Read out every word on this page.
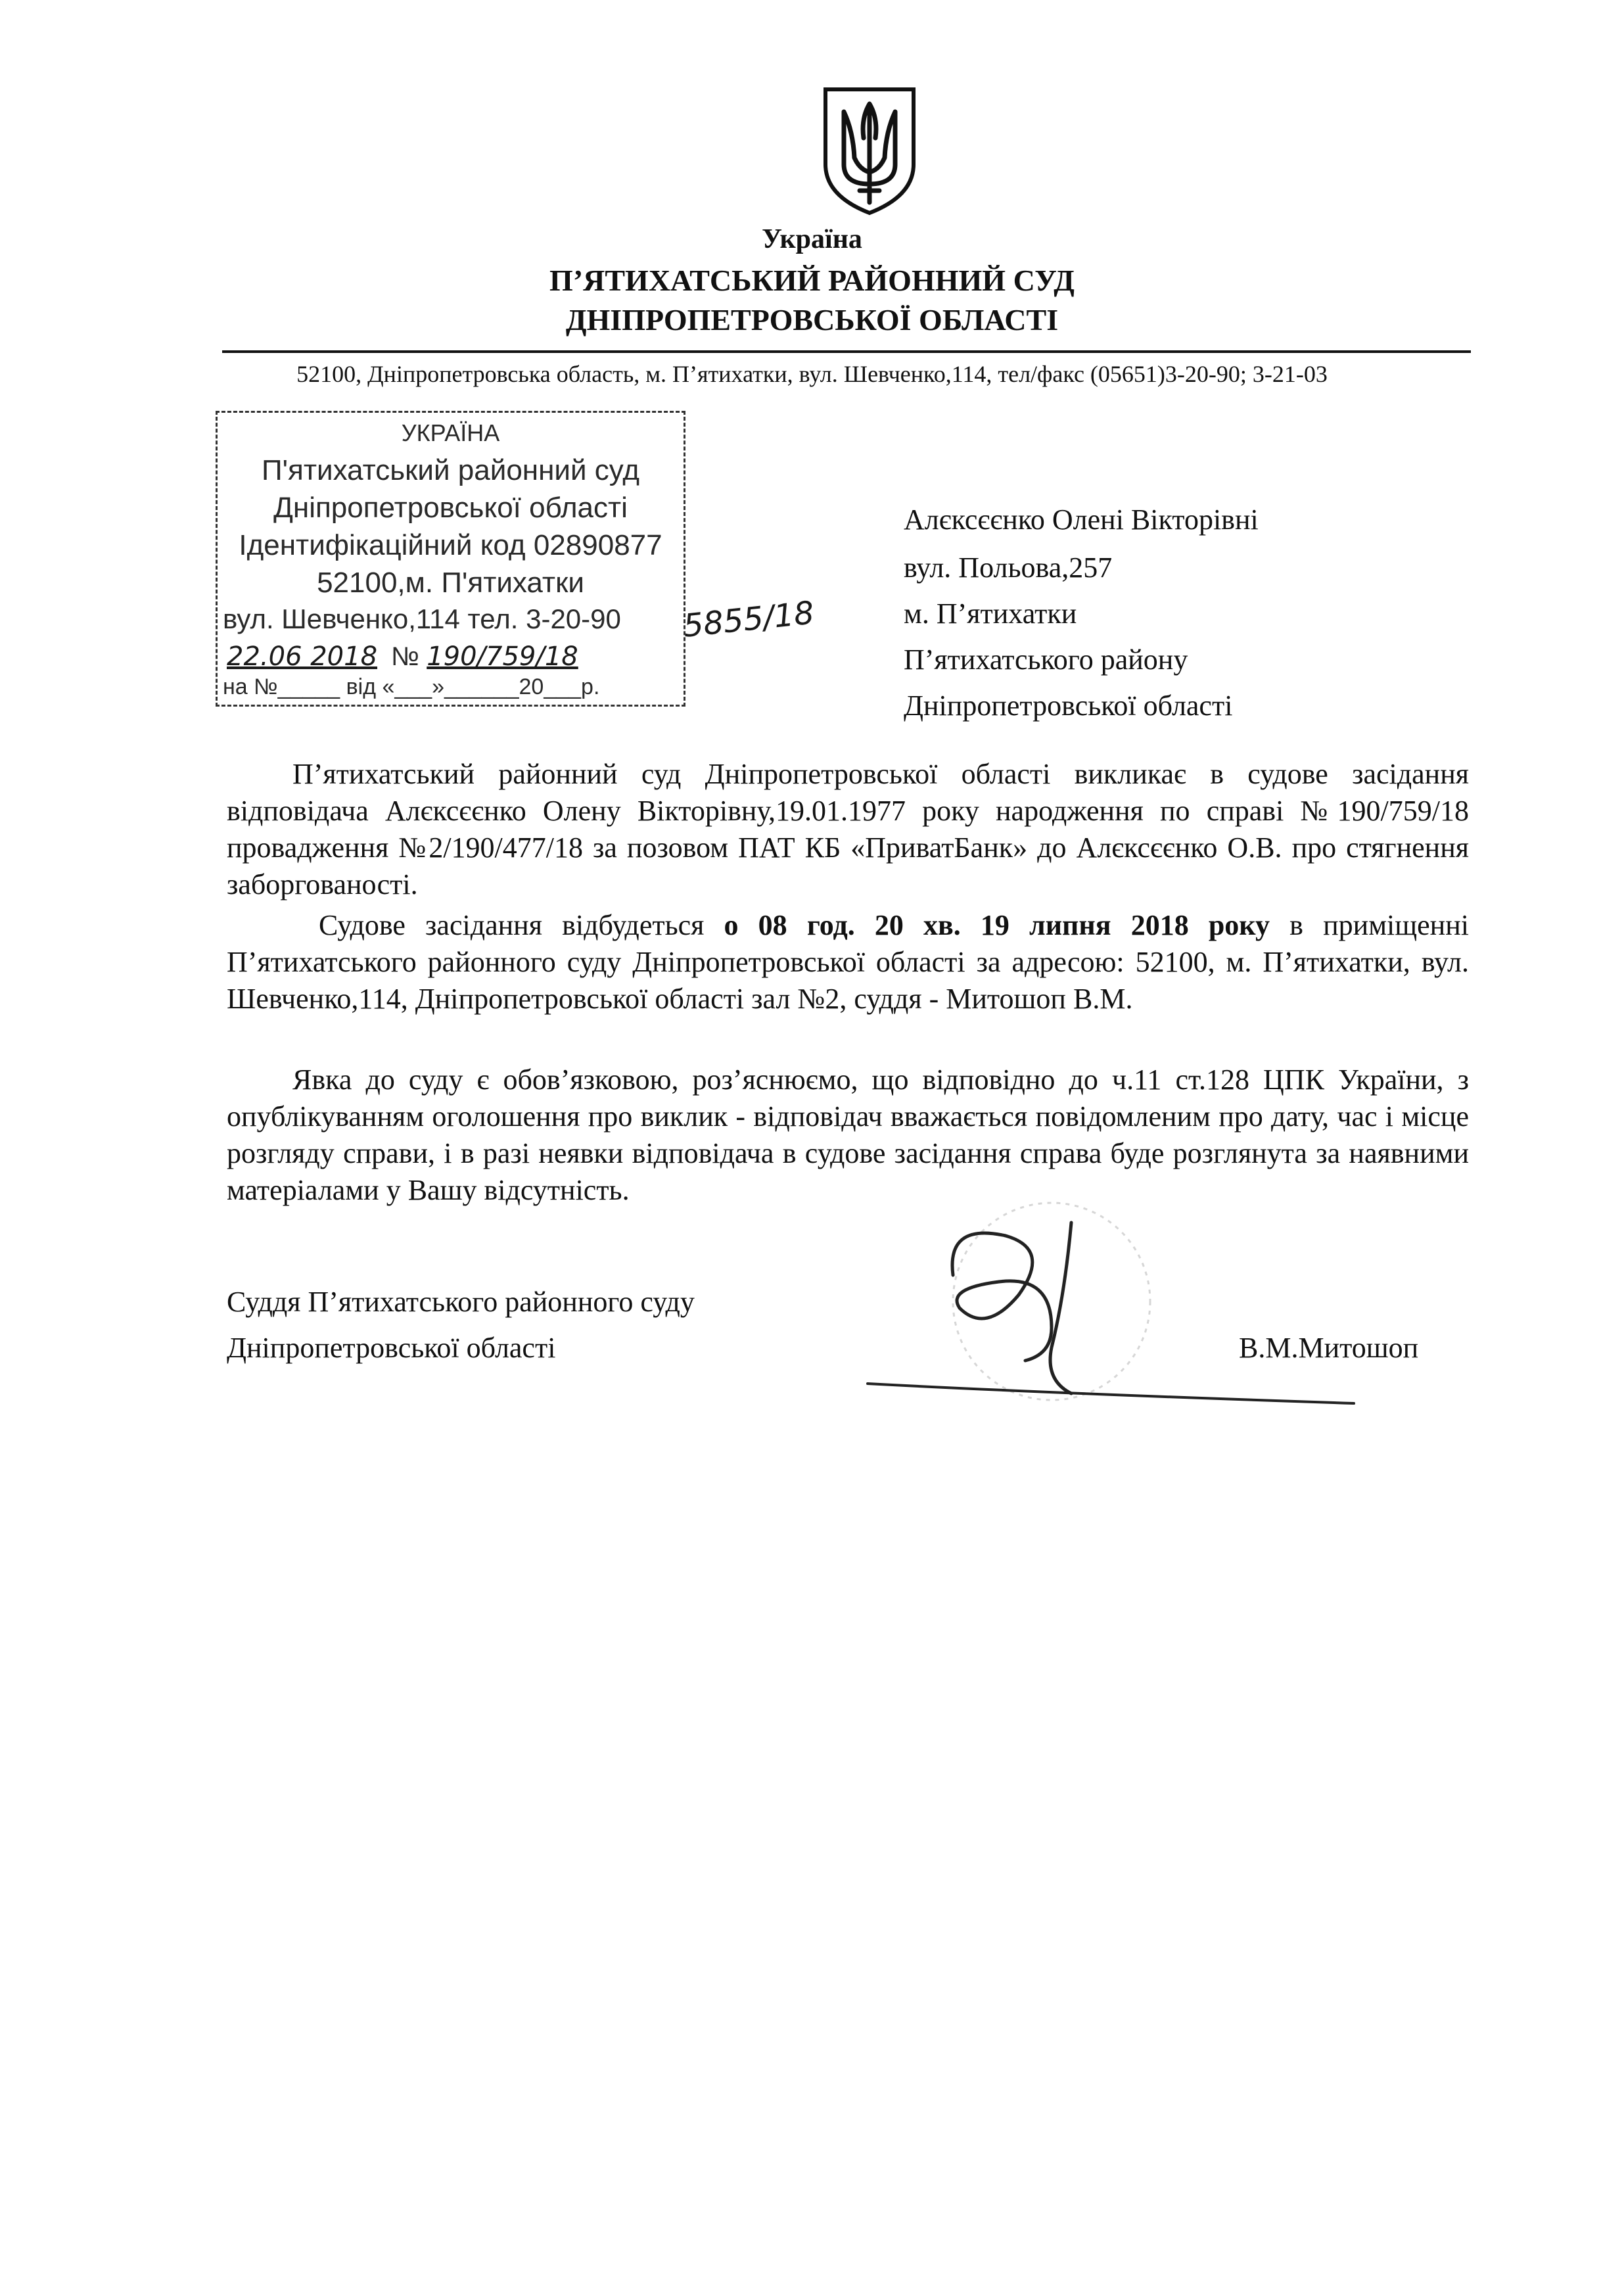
Україна
П’ЯТИХАТСЬКИЙ РАЙОННИЙ СУД
ДНІПРОПЕТРОВСЬКОЇ ОБЛАСТІ
52100, Дніпропетровська область, м. П’ятихатки, вул. Шевченко,114, тел/факс (05651)3-20-90; 3-21-03
УКРАЇНА
П'ятихатський районний суд
Дніпропетровської області
Ідентифікаційний код 02890877
52100,м. П'ятихатки
вул. Шевченко,114 тел. 3-20-90
22.06 2018 № 190/759/18
на №_____ від «___»______20___р.
5855/18
Алєксєєнко Олені Вікторівні
вул. Польова,257
м. П’ятихатки
П’ятихатського району
Дніпропетровської області

П’ятихатський районний суд Дніпропетровської області викликає в судове засідання відповідача Алєксєєнко Олену Вікторівну,19.01.1977 року народження по справі №190/759/18 провадження №2/190/477/18 за позовом ПАТ КБ «ПриватБанк» до Алєксєєнко О.В. про стягнення заборгованості.

Судове засідання відбудеться о 08 год. 20 хв. 19 липня 2018 року в приміщенні П’ятихатського районного суду Дніпропетровської області за адресою: 52100, м. П’ятихатки, вул. Шевченко,114, Дніпропетровської області зал №2, суддя - Митошоп В.М.

Явка до суду є обов’язковою, роз’яснюємо, що відповідно до ч.11 ст.128 ЦПК України, з опублікуванням оголошення про виклик - відповідач вважається повідомленим про дату, час і місце розгляду справи, і в разі неявки відповідача в судове засідання справа буде розглянута за наявними матеріалами у Вашу відсутність.

Суддя П’ятихатського районного суду
Дніпропетровської області	В.М.Митошоп
